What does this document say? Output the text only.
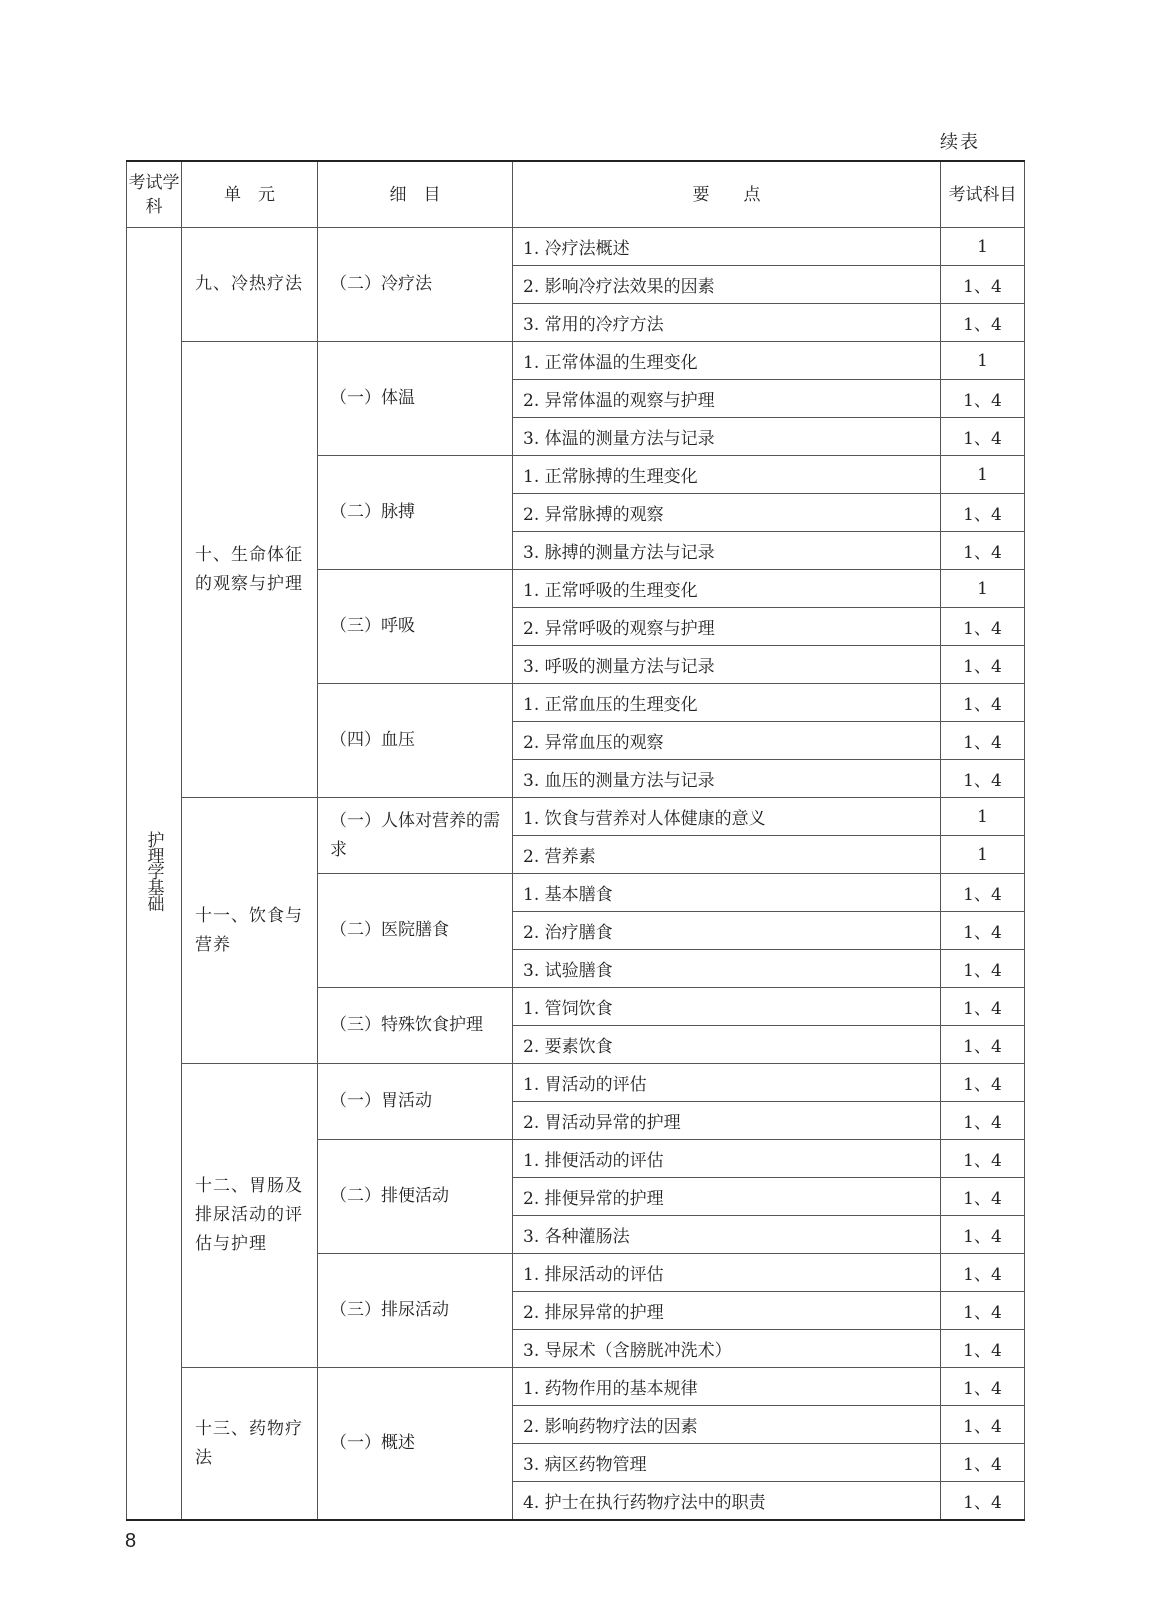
续表
考试学科	单　元	细　目	要　　点	考试科目
护理学基础	九、冷热疗法	（二）冷疗法	1. 冷疗法概述	1
			2. 影响冷疗法效果的因素	1、4
			3. 常用的冷疗方法	1、4
	十、生命体征的观察与护理	（一）体温	1. 正常体温的生理变化	1
			2. 异常体温的观察与护理	1、4
			3. 体温的测量方法与记录	1、4
		（二）脉搏	1. 正常脉搏的生理变化	1
			2. 异常脉搏的观察	1、4
			3. 脉搏的测量方法与记录	1、4
		（三）呼吸	1. 正常呼吸的生理变化	1
			2. 异常呼吸的观察与护理	1、4
			3. 呼吸的测量方法与记录	1、4
		（四）血压	1. 正常血压的生理变化	1、4
			2. 异常血压的观察	1、4
			3. 血压的测量方法与记录	1、4
	十一、饮食与营养	（一）人体对营养的需求	1. 饮食与营养对人体健康的意义	1
			2. 营养素	1
		（二）医院膳食	1. 基本膳食	1、4
			2. 治疗膳食	1、4
			3. 试验膳食	1、4
		（三）特殊饮食护理	1. 管饲饮食	1、4
			2. 要素饮食	1、4
	十二、胃肠及排尿活动的评估与护理	（一）胃活动	1. 胃活动的评估	1、4
			2. 胃活动异常的护理	1、4
		（二）排便活动	1. 排便活动的评估	1、4
			2. 排便异常的护理	1、4
			3. 各种灌肠法	1、4
		（三）排尿活动	1. 排尿活动的评估	1、4
			2. 排尿异常的护理	1、4
			3. 导尿术（含膀胱冲洗术）	1、4
	十三、药物疗法	（一）概述	1. 药物作用的基本规律	1、4
			2. 影响药物疗法的因素	1、4
			3. 病区药物管理	1、4
			4. 护士在执行药物疗法中的职责	1、4
8
